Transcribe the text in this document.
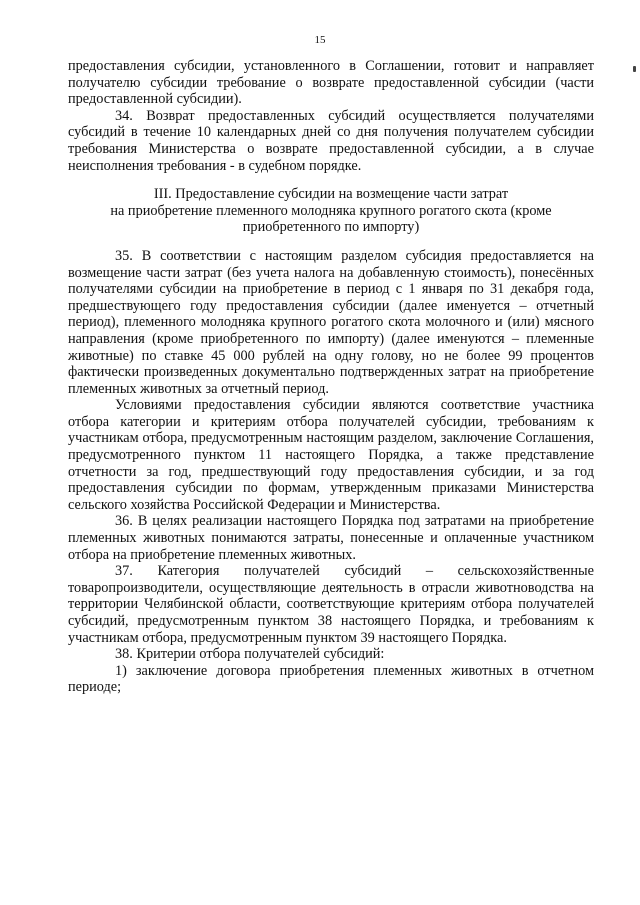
15

предоставления субсидии, установленного в Соглашении, готовит и направляет получателю субсидии требование о возврате предоставленной субсидии (части предоставленной субсидии).

34. Возврат предоставленных субсидий осуществляется получателями субсидий в течение 10 календарных дней со дня получения получателем субсидии требования Министерства о возврате предоставленной субсидии, а в случае неисполнения требования - в судебном порядке.

III. Предоставление субсидии на возмещение части затрат
на приобретение племенного молодняка крупного рогатого скота (кроме
приобретенного по импорту)

35. В соответствии с настоящим разделом субсидия предоставляется на возмещение части затрат (без учета налога на добавленную стоимость), понесённых получателями субсидии на приобретение в период с 1 января по 31 декабря года, предшествующего году предоставления субсидии (далее именуется – отчетный период), племенного молодняка крупного рогатого скота молочного и (или) мясного направления (кроме приобретенного по импорту) (далее именуются – племенные животные) по ставке 45 000 рублей на одну голову, но не более 99 процентов фактически произведенных документально подтвержденных затрат на приобретение племенных животных за отчетный период.

Условиями предоставления субсидии являются соответствие участника отбора категории и критериям отбора получателей субсидии, требованиям к участникам отбора, предусмотренным настоящим разделом, заключение Соглашения, предусмотренного пунктом 11 настоящего Порядка, а также представление отчетности за год, предшествующий году предоставления субсидии, и за год предоставления субсидии по формам, утвержденным приказами Министерства сельского хозяйства Российской Федерации и Министерства.

36. В целях реализации настоящего Порядка под затратами на приобретение племенных животных понимаются затраты, понесенные и оплаченные участником отбора на приобретение племенных животных.

37. Категория получателей субсидий – сельскохозяйственные товаропроизводители, осуществляющие деятельность в отрасли животноводства на территории Челябинской области, соответствующие критериям отбора получателей субсидий, предусмотренным пунктом 38 настоящего Порядка, и требованиям к участникам отбора, предусмотренным пунктом 39 настоящего Порядка.

38. Критерии отбора получателей субсидий:

1) заключение договора приобретения племенных животных в отчетном периоде;
